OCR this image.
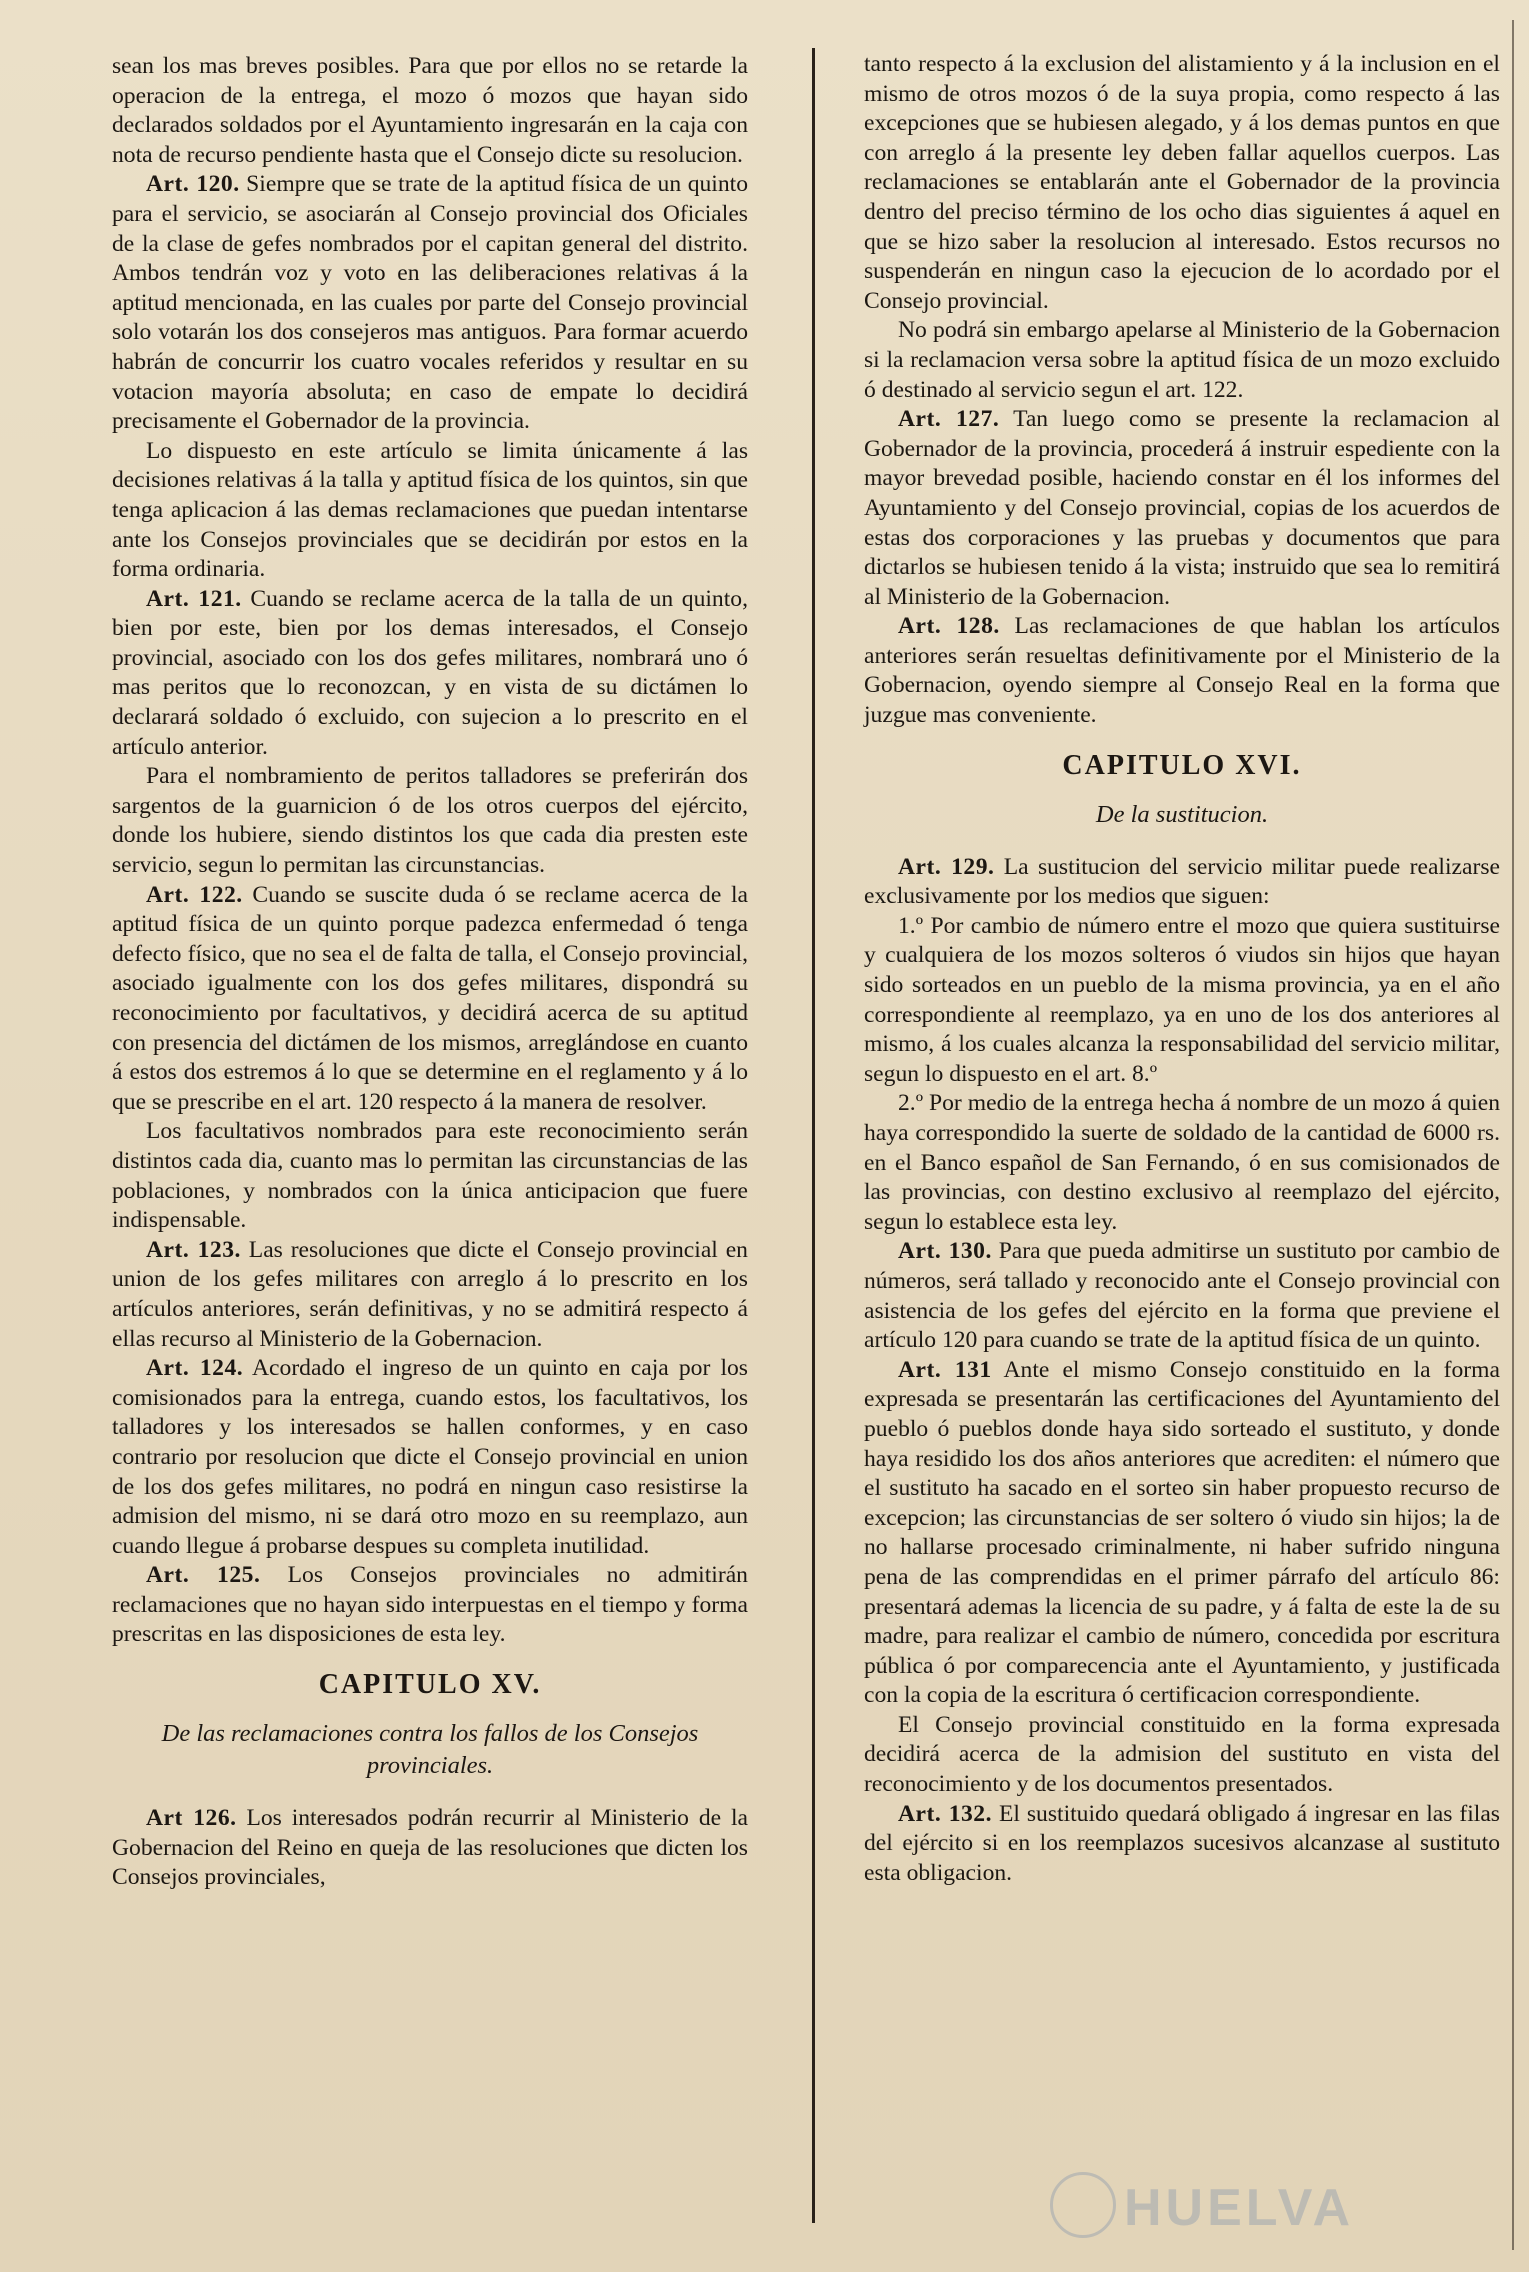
sean los mas breves posibles. Para que por ellos no se retarde la operacion de la entrega, el mozo ó mozos que hayan sido declarados soldados por el Ayuntamiento ingresarán en la caja con nota de recurso pendiente hasta que el Consejo dicte su resolucion.

Art. 120. Siempre que se trate de la aptitud física de un quinto para el servicio, se asociarán al Consejo provincial dos Oficiales de la clase de gefes nombrados por el capitan general del distrito. Ambos tendrán voz y voto en las deliberaciones relativas á la aptitud mencionada, en las cuales por parte del Consejo provincial solo votarán los dos consejeros mas antiguos. Para formar acuerdo habrán de concurrir los cuatro vocales referidos y resultar en su votacion mayoría absoluta; en caso de empate lo decidirá precisamente el Gobernador de la provincia.

Lo dispuesto en este artículo se limita únicamente á las decisiones relativas á la talla y aptitud física de los quintos, sin que tenga aplicacion á las demas reclamaciones que puedan intentarse ante los Consejos provinciales que se decidirán por estos en la forma ordinaria.

Art. 121. Cuando se reclame acerca de la talla de un quinto, bien por este, bien por los demas interesados, el Consejo provincial, asociado con los dos gefes militares, nombrará uno ó mas peritos que lo reconozcan, y en vista de su dictámen lo declarará soldado ó excluido, con sujecion a lo prescrito en el artículo anterior.

Para el nombramiento de peritos talladores se preferirán dos sargentos de la guarnicion ó de los otros cuerpos del ejército, donde los hubiere, siendo distintos los que cada dia presten este servicio, segun lo permitan las circunstancias.

Art. 122. Cuando se suscite duda ó se reclame acerca de la aptitud física de un quinto porque padezca enfermedad ó tenga defecto físico, que no sea el de falta de talla, el Consejo provincial, asociado igualmente con los dos gefes militares, dispondrá su reconocimiento por facultativos, y decidirá acerca de su aptitud con presencia del dictámen de los mismos, arreglándose en cuanto á estos dos estremos á lo que se determine en el reglamento y á lo que se prescribe en el art. 120 respecto á la manera de resolver.

Los facultativos nombrados para este reconocimiento serán distintos cada dia, cuanto mas lo permitan las circunstancias de las poblaciones, y nombrados con la única anticipacion que fuere indispensable.

Art. 123. Las resoluciones que dicte el Consejo provincial en union de los gefes militares con arreglo á lo prescrito en los artículos anteriores, serán definitivas, y no se admitirá respecto á ellas recurso al Ministerio de la Gobernacion.

Art. 124. Acordado el ingreso de un quinto en caja por los comisionados para la entrega, cuando estos, los facultativos, los talladores y los interesados se hallen conformes, y en caso contrario por resolucion que dicte el Consejo provincial en union de los dos gefes militares, no podrá en ningun caso resistirse la admision del mismo, ni se dará otro mozo en su reemplazo, aun cuando llegue á probarse despues su completa inutilidad.

Art. 125. Los Consejos provinciales no admitirán reclamaciones que no hayan sido interpuestas en el tiempo y forma prescritas en las disposiciones de esta ley.

CAPITULO XV.
De las reclamaciones contra los fallos de los Consejos provinciales.

Art 126. Los interesados podrán recurrir al Ministerio de la Gobernacion del Reino en queja de las resoluciones que dicten los Consejos provinciales,

tanto respecto á la exclusion del alistamiento y á la inclusion en el mismo de otros mozos ó de la suya propia, como respecto á las excepciones que se hubiesen alegado, y á los demas puntos en que con arreglo á la presente ley deben fallar aquellos cuerpos. Las reclamaciones se entablarán ante el Gobernador de la provincia dentro del preciso término de los ocho dias siguientes á aquel en que se hizo saber la resolucion al interesado. Estos recursos no suspenderán en ningun caso la ejecucion de lo acordado por el Consejo provincial.

No podrá sin embargo apelarse al Ministerio de la Gobernacion si la reclamacion versa sobre la aptitud física de un mozo excluido ó destinado al servicio segun el art. 122.

Art. 127. Tan luego como se presente la reclamacion al Gobernador de la provincia, procederá á instruir espediente con la mayor brevedad posible, haciendo constar en él los informes del Ayuntamiento y del Consejo provincial, copias de los acuerdos de estas dos corporaciones y las pruebas y documentos que para dictarlos se hubiesen tenido á la vista; instruido que sea lo remitirá al Ministerio de la Gobernacion.

Art. 128. Las reclamaciones de que hablan los artículos anteriores serán resueltas definitivamente por el Ministerio de la Gobernacion, oyendo siempre al Consejo Real en la forma que juzgue mas conveniente.

CAPITULO XVI.
De la sustitucion.

Art. 129. La sustitucion del servicio militar puede realizarse exclusivamente por los medios que siguen:

1.º Por cambio de número entre el mozo que quiera sustituirse y cualquiera de los mozos solteros ó viudos sin hijos que hayan sido sorteados en un pueblo de la misma provincia, ya en el año correspondiente al reemplazo, ya en uno de los dos anteriores al mismo, á los cuales alcanza la responsabilidad del servicio militar, segun lo dispuesto en el art. 8.º

2.º Por medio de la entrega hecha á nombre de un mozo á quien haya correspondido la suerte de soldado de la cantidad de 6000 rs. en el Banco español de San Fernando, ó en sus comisionados de las provincias, con destino exclusivo al reemplazo del ejército, segun lo establece esta ley.

Art. 130. Para que pueda admitirse un sustituto por cambio de números, será tallado y reconocido ante el Consejo provincial con asistencia de los gefes del ejército en la forma que previene el artículo 120 para cuando se trate de la aptitud física de un quinto.

Art. 131 Ante el mismo Consejo constituido en la forma expresada se presentarán las certificaciones del Ayuntamiento del pueblo ó pueblos donde haya sido sorteado el sustituto, y donde haya residido los dos años anteriores que acrediten: el número que el sustituto ha sacado en el sorteo sin haber propuesto recurso de excepcion; las circunstancias de ser soltero ó viudo sin hijos; la de no hallarse procesado criminalmente, ni haber sufrido ninguna pena de las comprendidas en el primer párrafo del artículo 86: presentará ademas la licencia de su padre, y á falta de este la de su madre, para realizar el cambio de número, concedida por escritura pública ó por comparecencia ante el Ayuntamiento, y justificada con la copia de la escritura ó certificacion correspondiente.

El Consejo provincial constituido en la forma expresada decidirá acerca de la admision del sustituto en vista del reconocimiento y de los documentos presentados.

Art. 132. El sustituido quedará obligado á ingresar en las filas del ejército si en los reemplazos sucesivos alcanzase al sustituto esta obligacion.

HUELVA
